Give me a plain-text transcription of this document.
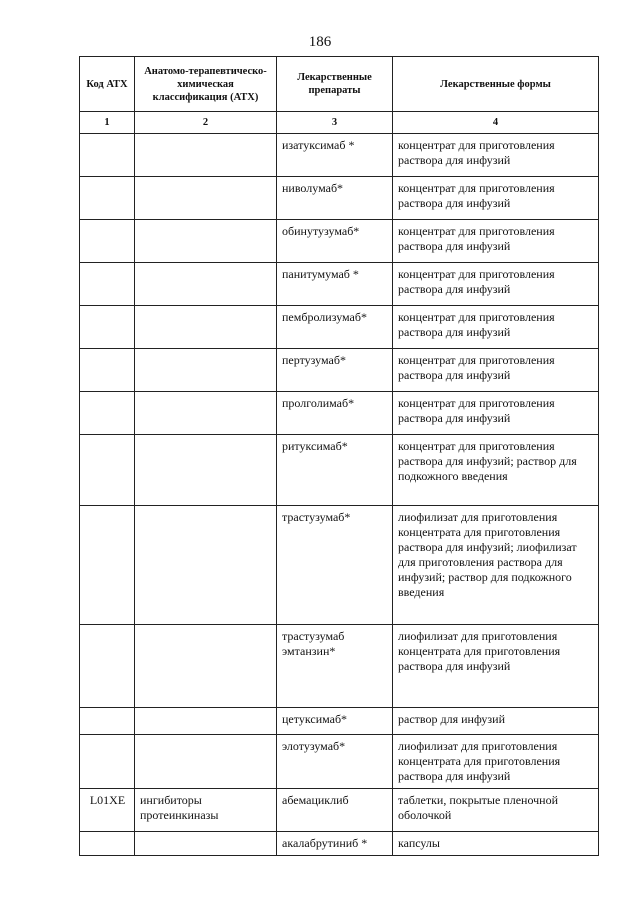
186
Код АТХ	Анатомо-терапевтическо-химическая классификация (АТХ)	Лекарственные препараты	Лекарственные формы
1	2	3	4
		изатуксимаб *	концентрат для приготовления раствора для инфузий
		ниволумаб*	концентрат для приготовления раствора для инфузий
		обинутузумаб*	концентрат для приготовления раствора для инфузий
		панитумумаб *	концентрат для приготовления раствора для инфузий
		пембролизумаб*	концентрат для приготовления раствора для инфузий
		пертузумаб*	концентрат для приготовления раствора для инфузий
		пролголимаб*	концентрат для приготовления раствора для инфузий
		ритуксимаб*	концентрат для приготовления раствора для инфузий; раствор для подкожного введения
		трастузумаб*	лиофилизат для приготовления концентрата для приготовления раствора для инфузий; лиофилизат для приготовления раствора для инфузий; раствор для подкожного введения
		трастузумаб эмтанзин*	лиофилизат для приготовления концентрата для приготовления раствора для инфузий
		цетуксимаб*	раствор для инфузий
		элотузумаб*	лиофилизат для приготовления концентрата для приготовления раствора для инфузий
L01XE	ингибиторы протеинкиназы	абемациклиб	таблетки, покрытые пленочной оболочкой
		акалабрутиниб *	капсулы
